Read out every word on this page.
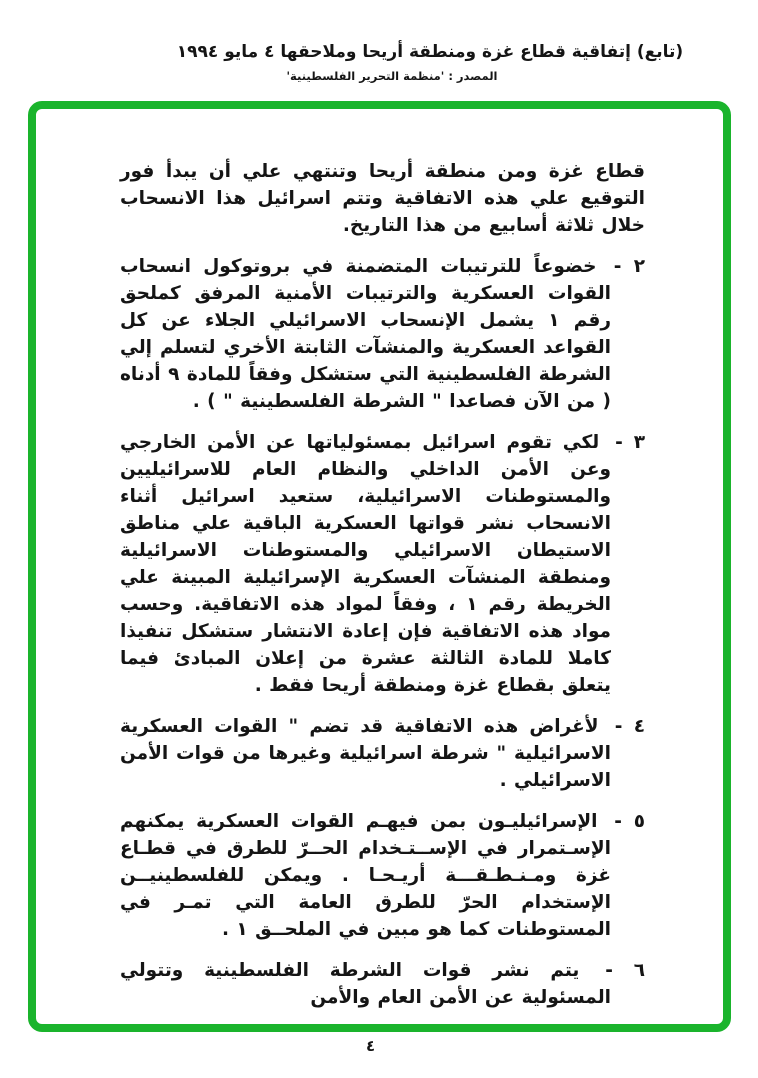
(تابع) إتفاقية قطاع غزة ومنطقة أريحا وملاحقها ٤ مايو ١٩٩٤
المصدر : 'منظمة التحرير الفلسطينية'

قطاع غزة ومن منطقة أريحا وتنتهي علي أن يبدأ فور التوقيع علي هذه الاتفاقية وتتم اسرائيل هذا الانسحاب خلال ثلاثة أسابيع من هذا التاريخ.

٢ - خضوعاً للترتيبات المتضمنة في بروتوكول انسحاب القوات العسكرية والترتيبات الأمنية المرفق كملحق رقم ١ يشمل الإنسحاب الاسرائيلي الجلاء عن كل القواعد العسكرية والمنشآت الثابتة الأخري لتسلم إلي الشرطة الفلسطينية التي ستشكل وفقاً للمادة ٩ أدناه ( من الآن فصاعدا " الشرطة الفلسطينية " ) .

٣ - لكي تقوم اسرائيل بمسئولياتها عن الأمن الخارجي وعن الأمن الداخلي والنظام العام للاسرائيليين والمستوطنات الاسرائيلية، ستعيد اسرائيل أثناء الانسحاب نشر قواتها العسكرية الباقية علي مناطق الاستيطان الاسرائيلي والمستوطنات الاسرائيلية ومنطقة المنشآت العسكرية الإسرائيلية المبينة علي الخريطة رقم ١ ، وفقاً لمواد هذه الاتفاقية. وحسب مواد هذه الاتفاقية فإن إعادة الانتشار ستشكل تنفيذا كاملا للمادة الثالثة عشرة من إعلان المبادئ فيما يتعلق بقطاع غزة ومنطقة أريحا فقط .

٤ - لأغراض هذه الاتفاقية قد تضم " القوات العسكرية الاسرائيلية " شرطة اسرائيلية وغيرها من قوات الأمن الاسرائيلي .

٥ - الإسرائيليـون بمن فيهـم القوات العسكرية يمكنهم الإسـتمرار في الإســتـخدام الحــرّ للطرق في قطـاع غزة ومـنـطـقـــة أريـحـا . ويمكن للفلسطينيــن الإستخدام الحرّ للطرق العامة التي تمـر في المستوطنات كما هو مبين في الملحــق ١ .

٦ - يتم نشر قوات الشرطة الفلسطينية وتتولي المسئولية عن الأمن العام والأمن

٤
